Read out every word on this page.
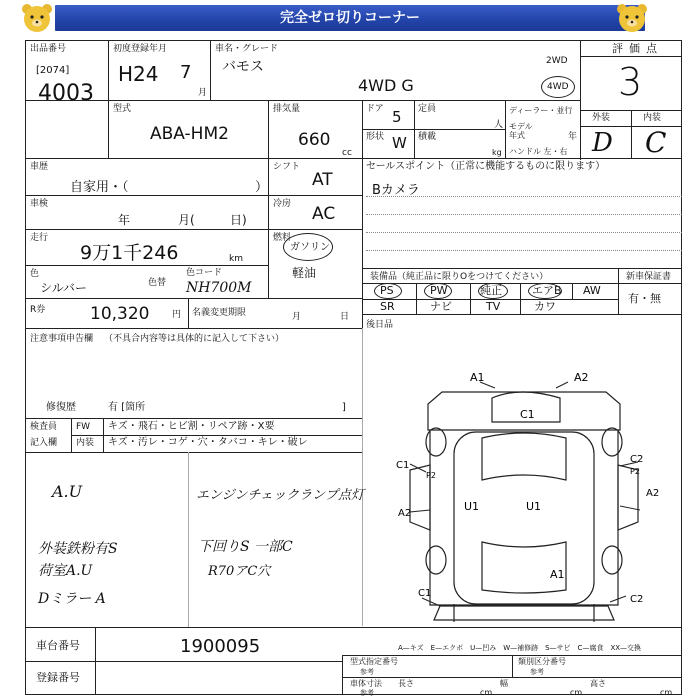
完全ゼロ切りコーナー
出品番号
[2074]
4003
初度登録年月
H24 7
月
車名・グレード
バモス
4WD G
2WD
4WD
評価点
3
外装	内装
D C
型式
ABA-HM2
排気量
660
cc
ドア 5
形状 W
定員
人
積載
kg
ディーラー・並行
モデル年式	年
ハンドル 左・右
車歴
自家用・（	）
シフト
AT
車検
年	月(	日)
冷房 AC
走行
9万1千246	km
燃料
ガソリン
軽油
色
シルバー	色替
色コード
NH700M
R券	10,320	円 名義変更期限	月	日
セールスポイント（正常に機能するものに限ります）
Bカメラ
装備品（純正品に限りOをつけてください）	新車保証書
PS	PW	純正	エアB AW
SR	ナビ	TV	カワ
有・無
後日品
注意事項申告欄 （不具合内容等は具体的に記入して下さい）
修復歴	有 [箇所	]
検査員
記入欄
FW キズ・飛石・ヒビ割・リペア跡・X要
内装 キズ・汚レ・コゲ・穴・タバコ・キレ・破レ
A.U	エンジンチェックランプ点灯
外装鉄粉有S	下回りS 一部C
荷室A.U	R70アC穴
Dミラー A
A1	A2
C1
C1
P2
C2
P2
A2
A2
U1	U1
A1
C1
C2
車台番号	1900095
登録番号
A—キズ　E—エクボ　U—凹み　W—補修跡　S—サビ　C—腐食　XX—交換
型式指定番号
参考
類別区分番号
参考
車体寸法 長さ	幅	高さ
参考	cm	cm	cm
